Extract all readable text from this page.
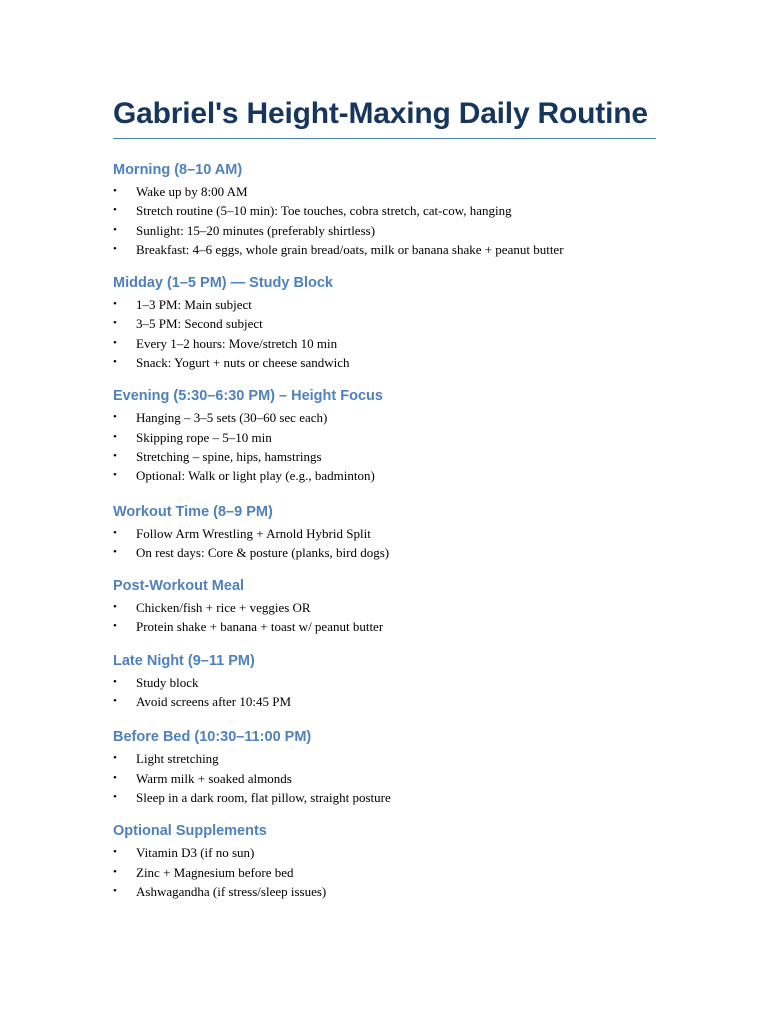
Gabriel's Height-Maxing Daily Routine
Morning (8–10 AM)
• Wake up by 8:00 AM
• Stretch routine (5–10 min): Toe touches, cobra stretch, cat-cow, hanging
• Sunlight: 15–20 minutes (preferably shirtless)
• Breakfast: 4–6 eggs, whole grain bread/oats, milk or banana shake + peanut butter
Midday (1–5 PM) — Study Block
• 1–3 PM: Main subject
• 3–5 PM: Second subject
• Every 1–2 hours: Move/stretch 10 min
• Snack: Yogurt + nuts or cheese sandwich
Evening (5:30–6:30 PM) – Height Focus
• Hanging – 3–5 sets (30–60 sec each)
• Skipping rope – 5–10 min
• Stretching – spine, hips, hamstrings
• Optional: Walk or light play (e.g., badminton)
Workout Time (8–9 PM)
• Follow Arm Wrestling + Arnold Hybrid Split
• On rest days: Core & posture (planks, bird dogs)
Post-Workout Meal
• Chicken/fish + rice + veggies OR
• Protein shake + banana + toast w/ peanut butter
Late Night (9–11 PM)
• Study block
• Avoid screens after 10:45 PM
Before Bed (10:30–11:00 PM)
• Light stretching
• Warm milk + soaked almonds
• Sleep in a dark room, flat pillow, straight posture
Optional Supplements
• Vitamin D3 (if no sun)
• Zinc + Magnesium before bed
• Ashwagandha (if stress/sleep issues)
